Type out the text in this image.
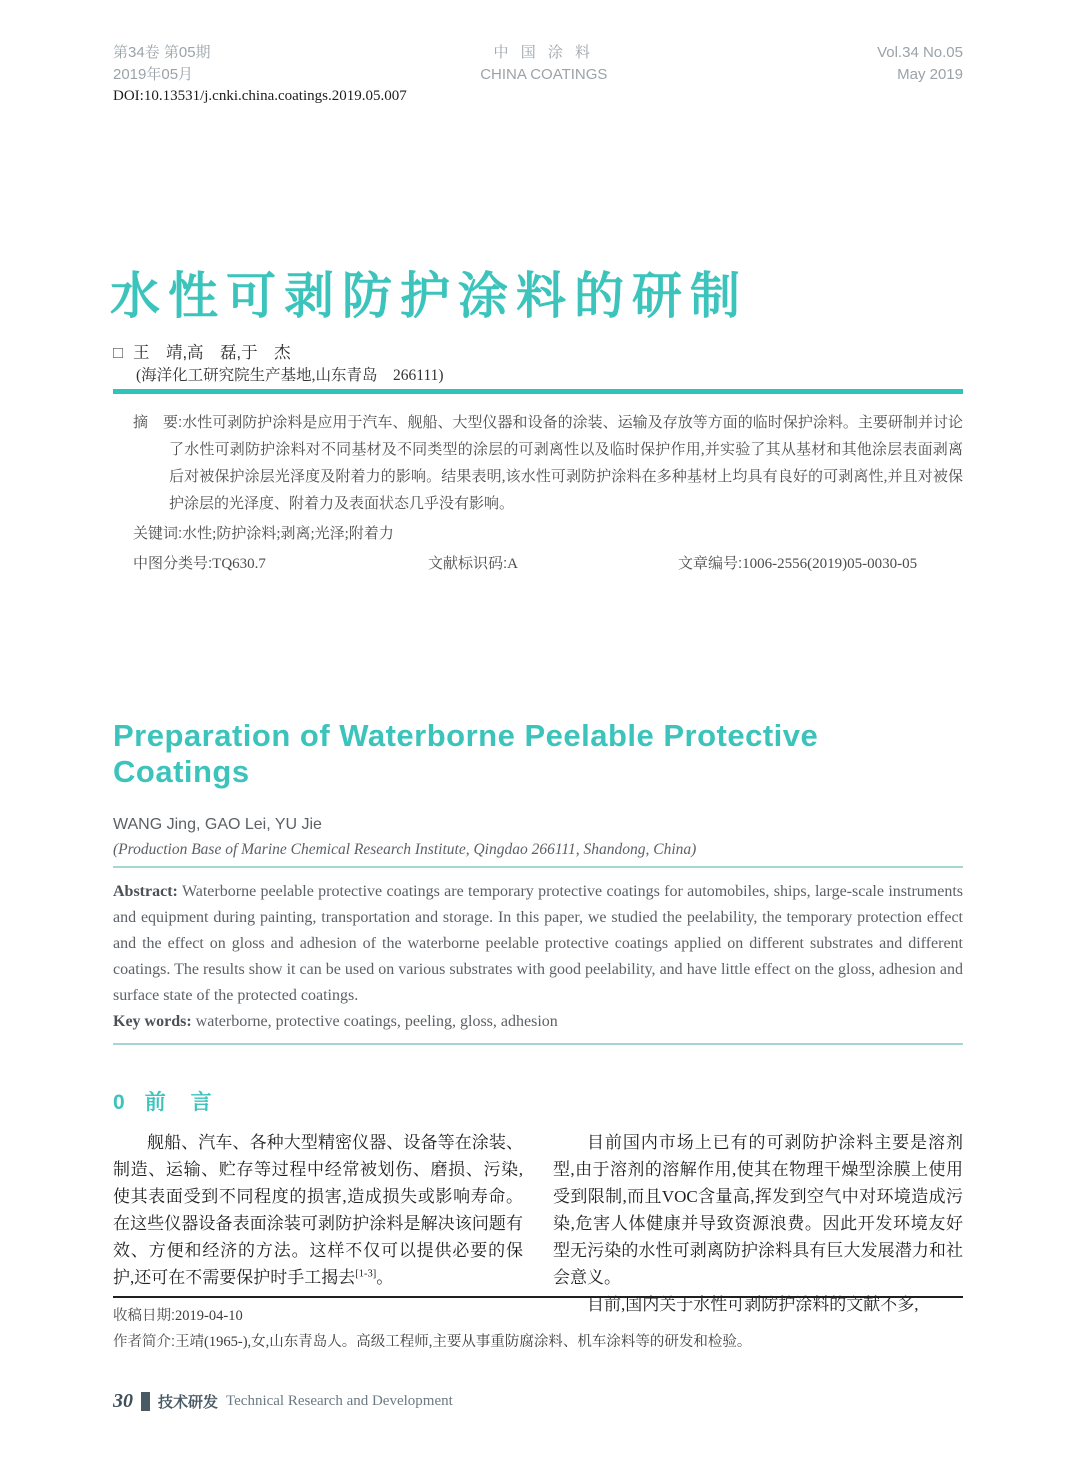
第34卷 第05期
2019年05月
中 国 涂 料
CHINA COATINGS
Vol.34 No.05
May 2019
DOI:10.13531/j.cnki.china.coatings.2019.05.007
水性可剥防护涂料的研制
□ 王　靖,高　磊,于　杰
(海洋化工研究院生产基地,山东青岛　266111)

摘　要:水性可剥防护涂料是应用于汽车、舰船、大型仪器和设备的涂装、运输及存放等方面的临时保护涂料。主要研制并讨论了水性可剥防护涂料对不同基材及不同类型的涂层的可剥离性以及临时保护作用,并实验了其从基材和其他涂层表面剥离后对被保护涂层光泽度及附着力的影响。结果表明,该水性可剥防护涂料在多种基材上均具有良好的可剥离性,并且对被保护涂层的光泽度、附着力及表面状态几乎没有影响。

关键词:水性;防护涂料;剥离;光泽;附着力

中图分类号:TQ630.7	文献标识码:A	文章编号:1006-2556(2019)05-0030-05
Preparation of Waterborne Peelable Protective Coatings
WANG Jing, GAO Lei, YU Jie
(Production Base of Marine Chemical Research Institute, Qingdao 266111, Shandong, China)

Abstract: Waterborne peelable protective coatings are temporary protective coatings for automobiles, ships, large-scale instruments and equipment during painting, transportation and storage. In this paper, we studied the peelability, the temporary protection effect and the effect on gloss and adhesion of the waterborne peelable protective coatings applied on different substrates and different coatings. The results show it can be used on various substrates with good peelability, and have little effect on the gloss, adhesion and surface state of the protected coatings.

Key words: waterborne, protective coatings, peeling, gloss, adhesion

0 前　言

舰船、汽车、各种大型精密仪器、设备等在涂装、制造、运输、贮存等过程中经常被划伤、磨损、污染,使其表面受到不同程度的损害,造成损失或影响寿命。在这些仪器设备表面涂装可剥防护涂料是解决该问题有效、方便和经济的方法。这样不仅可以提供必要的保护,还可在不需要保护时手工揭去[1-3]。

目前国内市场上已有的可剥防护涂料主要是溶剂型,由于溶剂的溶解作用,使其在物理干燥型涂膜上使用受到限制,而且VOC含量高,挥发到空气中对环境造成污染,危害人体健康并导致资源浪费。因此开发环境友好型无污染的水性可剥离防护涂料具有巨大发展潜力和社会意义。

目前,国内关于水性可剥防护涂料的文献不多,

收稿日期:2019-04-10
作者简介:王靖(1965-),女,山东青岛人。高级工程师,主要从事重防腐涂料、机车涂料等的研发和检验。
30 技术研发 Technical Research and Development
